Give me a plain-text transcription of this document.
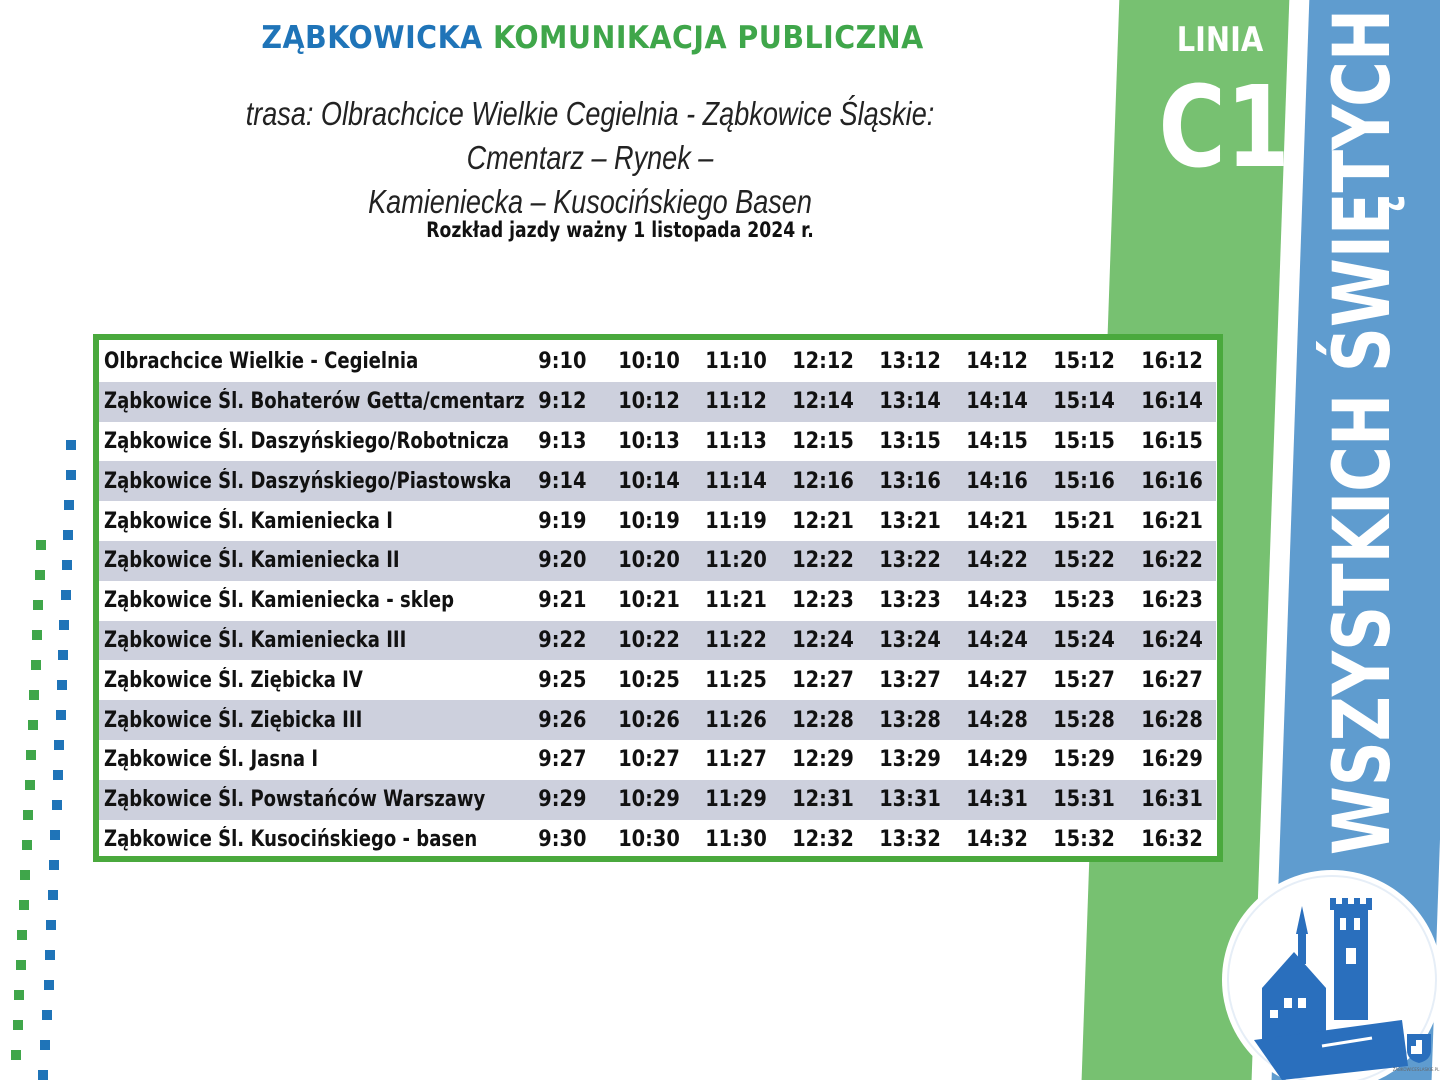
LINIA
C1 WSZYSTKICH ŚWIĘTYCH
ZĄBKOWICKA KOMUNIKACJA PUBLICZNA
trasa: Olbrachcice Wielkie Cegielnia - Ząbkowice Śląskie: Cmentarz – Rynek –
Kamieniecka – Kusocińskiego Basen
Rozkład jazdy ważny 1 listopada 2024 r.
Olbrachcice Wielkie - Cegielnia	9:10	10:10	11:10	12:12	13:12	14:12	15:12	16:12
Ząbkowice Śl. Bohaterów Getta/cmentarz	9:12	10:12	11:12	12:14	13:14	14:14	15:14	16:14
Ząbkowice Śl. Daszyńskiego/Robotnicza	9:13	10:13	11:13	12:15	13:15	14:15	15:15	16:15
Ząbkowice Śl. Daszyńskiego/Piastowska	9:14	10:14	11:14	12:16	13:16	14:16	15:16	16:16
Ząbkowice Śl. Kamieniecka I	9:19	10:19	11:19	12:21	13:21	14:21	15:21	16:21
Ząbkowice Śl. Kamieniecka II	9:20	10:20	11:20	12:22	13:22	14:22	15:22	16:22
Ząbkowice Śl. Kamieniecka - sklep	9:21	10:21	11:21	12:23	13:23	14:23	15:23	16:23
Ząbkowice Śl. Kamieniecka III	9:22	10:22	11:22	12:24	13:24	14:24	15:24	16:24
Ząbkowice Śl. Ziębicka IV	9:25	10:25	11:25	12:27	13:27	14:27	15:27	16:27
Ząbkowice Śl. Ziębicka III	9:26	10:26	11:26	12:28	13:28	14:28	15:28	16:28
Ząbkowice Śl. Jasna I	9:27	10:27	11:27	12:29	13:29	14:29	15:29	16:29
Ząbkowice Śl. Powstańców Warszawy	9:29	10:29	11:29	12:31	13:31	14:31	15:31	16:31
Ząbkowice Śl. Kusocińskiego - basen	9:30	10:30	11:30	12:32	13:32	14:32	15:32	16:32
ZABKOWICESLASKIE.PL
